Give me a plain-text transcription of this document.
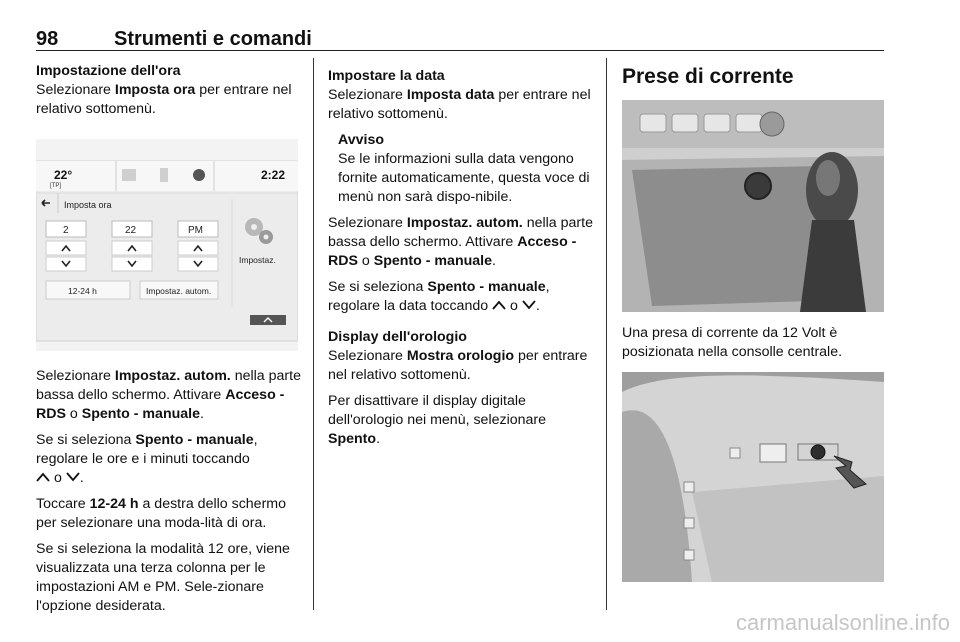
98	Strumenti e comandi
Impostazione dell'ora

Selezionare Imposta ora per entrare nel relativo sottomenù.

22°
[TP]
2:22
Imposta ora
2	22	PM
12-24 h	Impostaz. autom.
Impostaz.

Selezionare Impostaz. autom. nella parte bassa dello schermo. Attivare Acceso - RDS o Spento - manuale.

Se si seleziona Spento - manuale, regolare le ore e i minuti toccando
o .

Toccare 12-24 h a destra dello schermo per selezionare una moda-lità di ora.

Se si seleziona la modalità 12 ore, viene visualizzata una terza colonna per le impostazioni AM e PM. Sele-zionare l'opzione desiderata.

Impostare la data

Selezionare Imposta data per entrare nel relativo sottomenù.

Avviso
Se le informazioni sulla data vengono fornite automaticamente, questa voce di menù non sarà dispo-nibile.

Selezionare Impostaz. autom. nella parte bassa dello schermo. Attivare Acceso - RDS o Spento - manuale.

Se si seleziona Spento - manuale, regolare la data toccando  o .

Display dell'orologio

Selezionare Mostra orologio per entrare nel relativo sottomenù.

Per disattivare il display digitale dell'orologio nei menù, selezionare Spento.

Prese di corrente

Una presa di corrente da 12 Volt è posizionata nella consolle centrale.

carmanualsonline.info
